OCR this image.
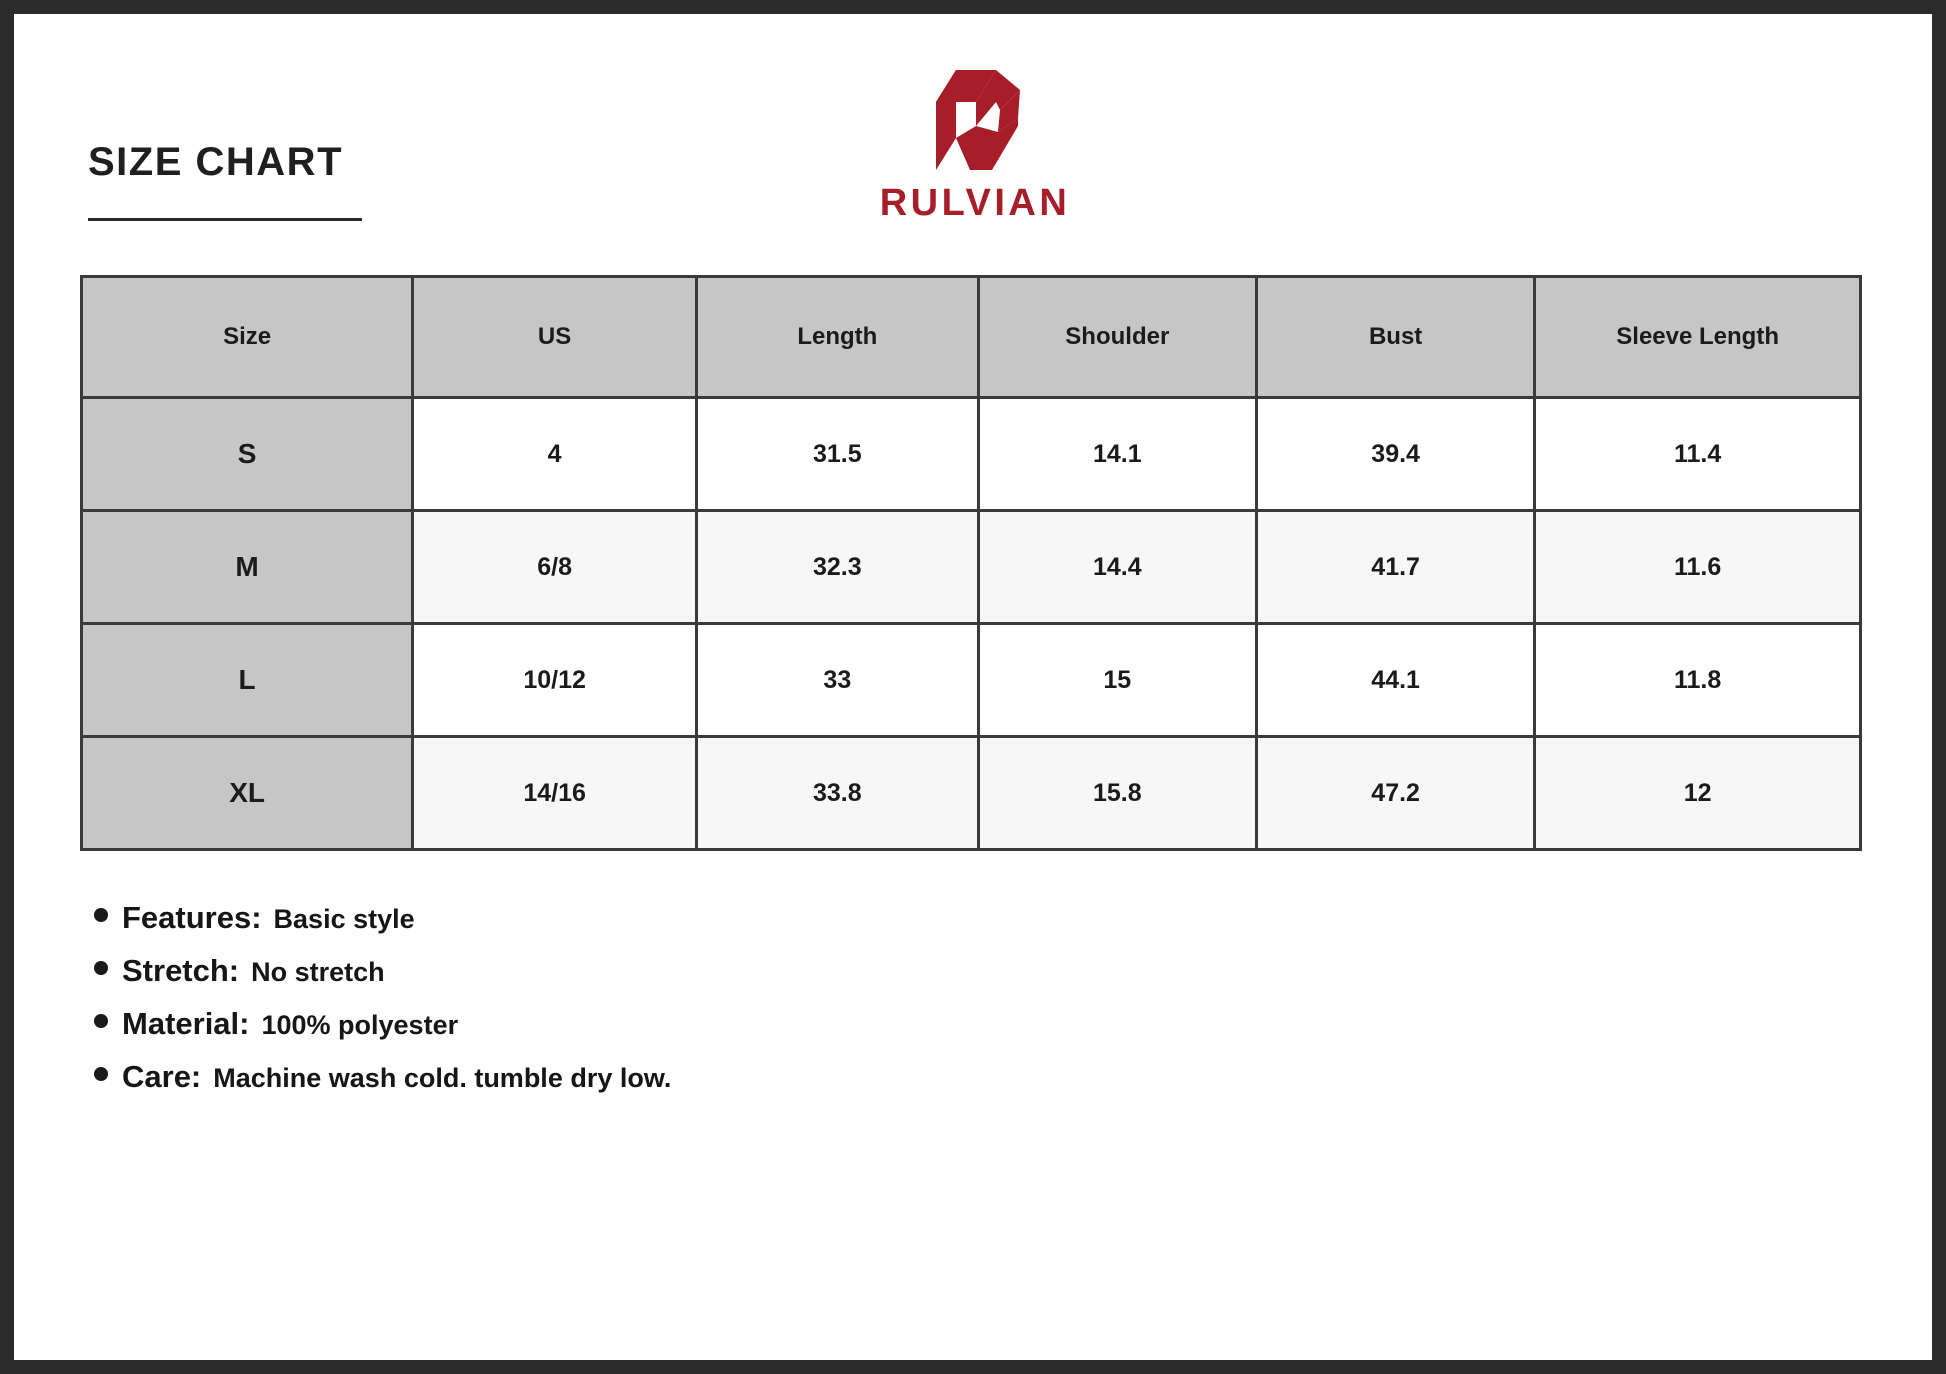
SIZE CHART
RULVIAN
Size	US	Length	Shoulder	Bust	Sleeve Length
S	4	31.5	14.1	39.4	11.4
M	6/8	32.3	14.4	41.7	11.6
L	10/12	33	15	44.1	11.8
XL	14/16	33.8	15.8	47.2	12
Features: Basic style
Stretch: No stretch
Material: 100% polyester
Care: Machine wash cold. tumble dry low.
